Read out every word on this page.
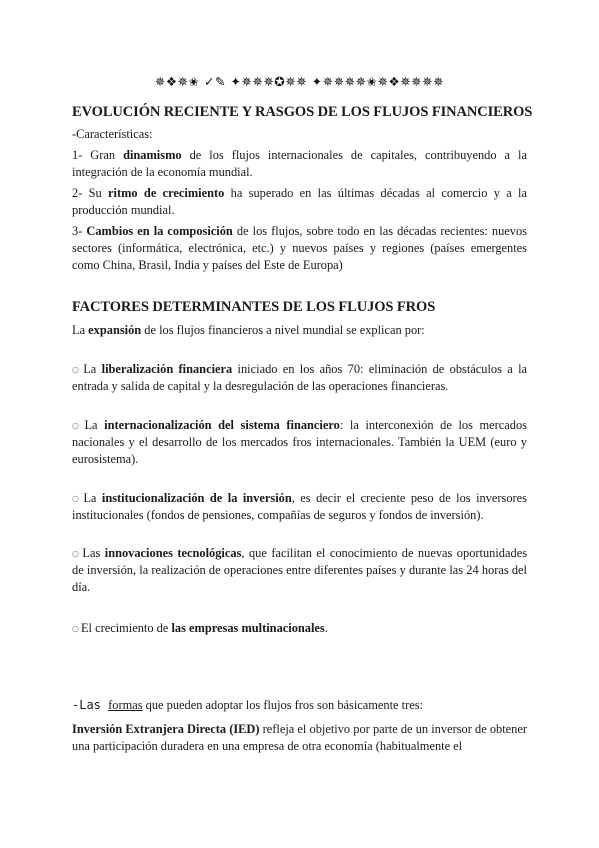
✵❖✵✬ ✓✎ ✦✵✵✵✪✵✵ ✦✵✵✵✵✬✵❖✵✵✵✵
EVOLUCIÓN RECIENTE Y RASGOS DE LOS FLUJOS FINANCIEROS

-Características:

1- Gran dinamismo de los flujos internacionales de capitales, contribuyendo a la integración de la economía mundial.

2- Su ritmo de crecimiento ha superado en las últimas décadas al comercio y a la producción mundial.

3- Cambios en la composición de los flujos, sobre todo en las décadas recientes: nuevos sectores (informática, electrónica, etc.) y nuevos países y regiones (países emergentes como China, Brasil, India y países del Este de Europa)

FACTORES DETERMINANTES DE LOS FLUJOS FROS

La expansión de los flujos financieros a nivel mundial se explican por:

○ La liberalización financiera iniciado en los años 70: eliminación de obstáculos a la entrada y salida de capital y la desregulación de las operaciones financieras.

○ La internacionalización del sistema financiero: la interconexión de los mercados nacionales y el desarrollo de los mercados fros internacionales. También la UEM (euro y eurosistema).

○ La institucionalización de la inversión, es decir el creciente peso de los inversores institucionales (fondos de pensiones, compañías de seguros y fondos de inversión).

○ Las innovaciones tecnológicas, que facilitan el conocimiento de nuevas oportunidades de inversión, la realización de operaciones entre diferentes países y durante las 24 horas del día.

○ El crecimiento de las empresas multinacionales.

-Las formas que pueden adoptar los flujos fros son básicamente tres:

Inversión Extranjera Directa (IED) refleja el objetivo por parte de un inversor de obtener una participación duradera en una empresa de otra economía (habitualmente el
